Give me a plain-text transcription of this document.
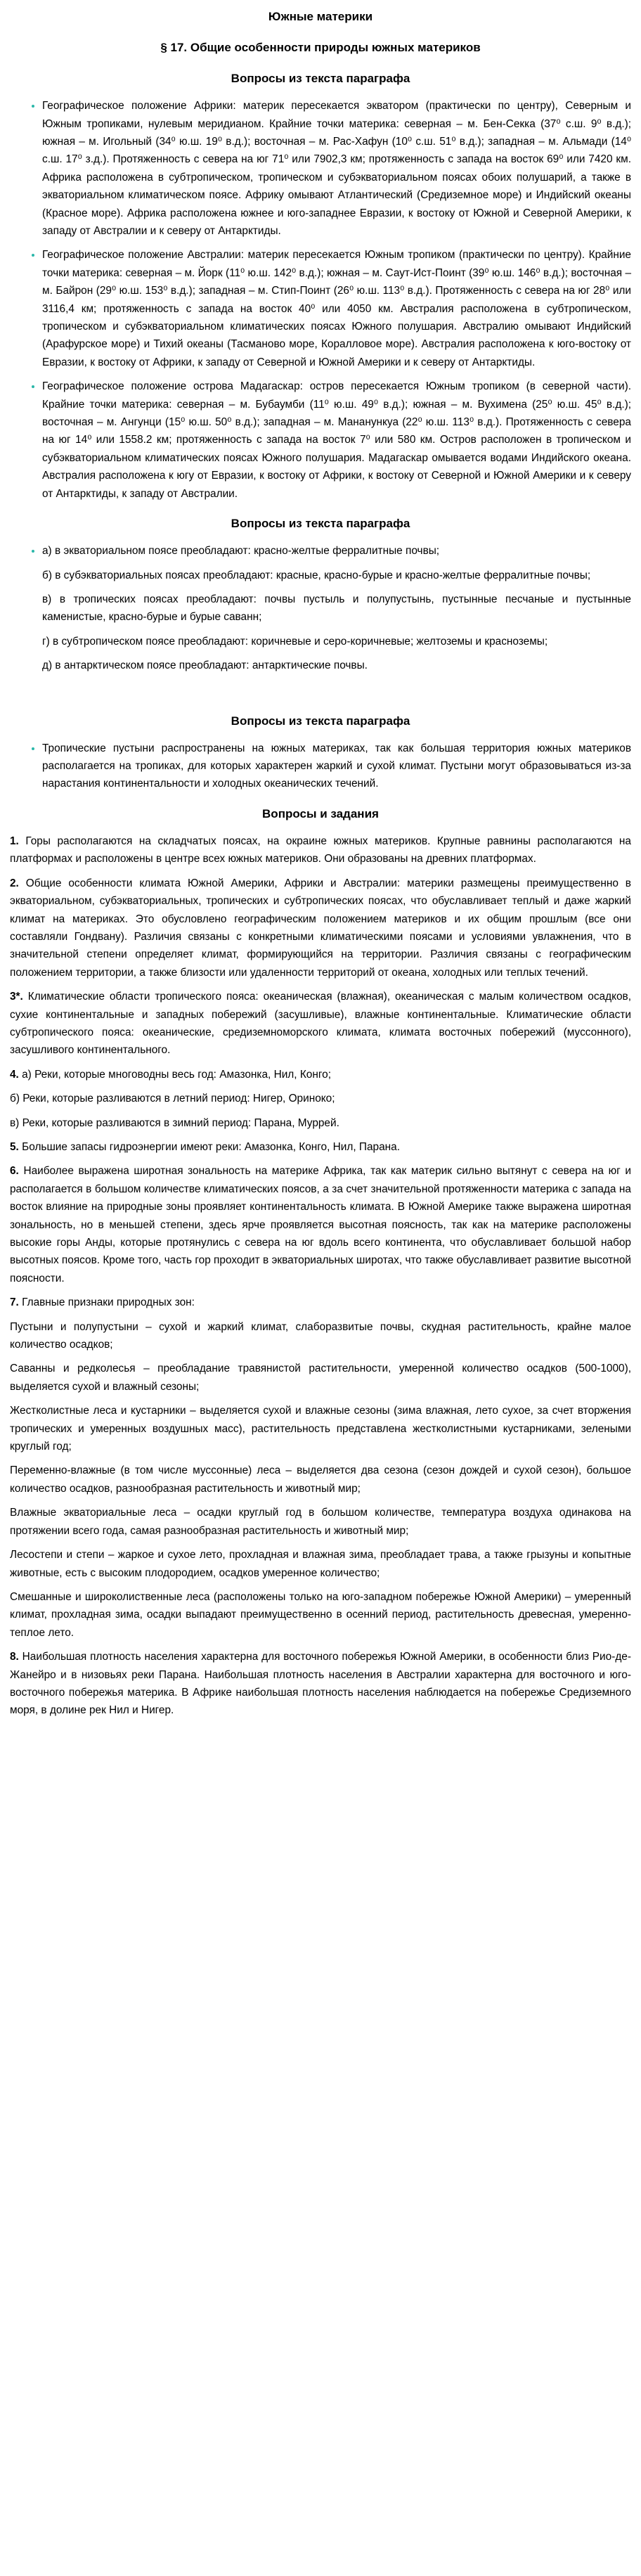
Южные материки
§ 17. Общие особенности природы южных материков
Вопросы из текста параграфа

• Географическое положение Африки: материк пересекается экватором (практически по центру), Северным и Южным тропиками, нулевым меридианом. Крайние точки материка: северная – м. Бен-Секка (37⁰ с.ш. 9⁰ в.д.); южная – м. Игольный (34⁰ ю.ш. 19⁰ в.д.); восточная – м. Рас-Хафун (10⁰ с.ш. 51⁰ в.д.); западная – м. Альмади (14⁰ с.ш. 17⁰ з.д.). Протяженность с севера на юг 71⁰ или 7902,3 км; протяженность с запада на восток 69⁰ или 7420 км. Африка расположена в субтропическом, тропическом и субэкваториальном поясах обоих полушарий, а также в экваториальном климатическом поясе. Африку омывают Атлантический (Средиземное море) и Индийский океаны (Красное море). Африка расположена южнее и юго-западнее Евразии, к востоку от Южной и Северной Америки, к западу от Австралии и к северу от Антарктиды.

• Географическое положение Австралии: материк пересекается Южным тропиком (практически по центру). Крайние точки материка: северная – м. Йорк (11⁰ ю.ш. 142⁰ в.д.); южная – м. Саут-Ист-Поинт (39⁰ ю.ш. 146⁰ в.д.); восточная – м. Байрон (29⁰ ю.ш. 153⁰ в.д.); западная – м. Стип-Поинт (26⁰ ю.ш. 113⁰ в.д.). Протяженность с севера на юг 28⁰ или 3116,4 км; протяженность с запада на восток 40⁰ или 4050 км. Австралия расположена в субтропическом, тропическом и субэкваториальном климатических поясах Южного полушария. Австралию омывают Индийский (Арафурское море) и Тихий океаны (Тасманово море, Коралловое море). Австралия расположена к юго-востоку от Евразии, к востоку от Африки, к западу от Северной и Южной Америки и к северу от Антарктиды.

• Географическое положение острова Мадагаскар: остров пересекается Южным тропиком (в северной части). Крайние точки материка: северная – м. Бубаумби (11⁰ ю.ш. 49⁰ в.д.); южная – м. Вухимена (25⁰ ю.ш. 45⁰ в.д.); восточная – м. Ангунци (15⁰ ю.ш. 50⁰ в.д.); западная – м. Мананункуа (22⁰ ю.ш. 113⁰ в.д.). Протяженность с севера на юг 14⁰ или 1558.2 км; протяженность с запада на восток 7⁰ или 580 км. Остров расположен в тропическом и субэкваториальном климатических поясах Южного полушария. Мадагаскар омывается водами Индийского океана. Австралия расположена к югу от Евразии, к востоку от Африки, к востоку от Северной и Южной Америки и к северу от Антарктиды, к западу от Австралии.

Вопросы из текста параграфа

• а) в экваториальном поясе преобладают: красно-желтые ферралитные почвы;

б) в субэкваториальных поясах преобладают: красные, красно-бурые и красно-желтые ферралитные почвы;

в) в тропических поясах преобладают: почвы пустыль и полупустынь, пустынные песчаные и пустынные каменистые, красно-бурые и бурые саванн;

г) в субтропическом поясе преобладают: коричневые и серо-коричневые; желтоземы и красноземы;

д) в антарктическом поясе преобладают: антарктические почвы.

Вопросы из текста параграфа

• Тропические пустыни распространены на южных материках, так как большая территория южных материков располагается на тропиках, для которых характерен жаркий и сухой климат. Пустыни могут образовываться из-за нарастания континентальности и холодных океанических течений.

Вопросы и задания

1. Горы располагаются на складчатых поясах, на окраине южных материков. Крупные равнины располагаются на платформах и расположены в центре всех южных материков. Они образованы на древних платформах.

2. Общие особенности климата Южной Америки, Африки и Австралии: материки размещены преимущественно в экваториальном, субэкваториальных, тропических и субтропических поясах, что обуславливает теплый и даже жаркий климат на материках. Это обусловлено географическим положением материков и их общим прошлым (все они составляли Гондвану). Различия связаны с конкретными климатическими поясами и условиями увлажнения, что в значительной степени определяет климат, формирующийся на территории. Различия связаны с географическим положением территории, а также близости или удаленности территорий от океана, холодных или теплых течений.

3*. Климатические области тропического пояса: океаническая (влажная), океаническая с малым количеством осадков, сухие континентальные и западных побережий (засушливые), влажные континентальные. Климатические области субтропического пояса: океанические, средиземноморского климата, климата восточных побережий (муссонного), засушливого континентального.

4. а) Реки, которые многоводны весь год: Амазонка, Нил, Конго;

б) Реки, которые разливаются в летний период: Нигер, Ориноко;

в) Реки, которые разливаются в зимний период: Парана, Муррей.

5. Большие запасы гидроэнергии имеют реки: Амазонка, Конго, Нил, Парана.

6. Наиболее выражена широтная зональность на материке Африка, так как материк сильно вытянут с севера на юг и располагается в большом количестве климатических поясов, а за счет значительной протяженности материка с запада на восток влияние на природные зоны проявляет континентальность климата. В Южной Америке также выражена широтная зональность, но в меньшей степени, здесь ярче проявляется высотная поясность, так как на материке расположены высокие горы Анды, которые протянулись с севера на юг вдоль всего континента, что обуславливает большой набор высотных поясов. Кроме того, часть гор проходит в экваториальных широтах, что также обуславливает развитие высотной поясности.

7. Главные признаки природных зон:

Пустыни и полупустыни – сухой и жаркий климат, слаборазвитые почвы, скудная растительность, крайне малое количество осадков;

Саванны и редколесья – преобладание травянистой растительности, умеренной количество осадков (500-1000), выделяется сухой и влажный сезоны;

Жестколистные леса и кустарники – выделяется сухой и влажные сезоны (зима влажная, лето сухое, за счет вторжения тропических и умеренных воздушных масс), растительность представлена жестколистными кустарниками, зелеными круглый год;

Переменно-влажные (в том числе муссонные) леса – выделяется два сезона (сезон дождей и сухой сезон), большое количество осадков, разнообразная растительность и животный мир;

Влажные экваториальные леса – осадки круглый год в большом количестве, температура воздуха одинакова на протяжении всего года, самая разнообразная растительность и животный мир;

Лесостепи и степи – жаркое и сухое лето, прохладная и влажная зима, преобладает трава, а также грызуны и копытные животные, есть с высоким плодородием, осадков умеренное количество;

Смешанные и широколиственные леса (расположены только на юго-западном побережье Южной Америки) – умеренный климат, прохладная зима, осадки выпадают преимущественно в осенний период, растительность древесная, умеренно-теплое лето.

8. Наибольшая плотность населения характерна для восточного побережья Южной Америки, в особенности близ Рио-де-Жанейро и в низовьях реки Парана. Наибольшая плотность населения в Австралии характерна для восточного и юго-восточного побережья материка. В Африке наибольшая плотность населения наблюдается на побережье Средиземного моря, в долине рек Нил и Нигер.
